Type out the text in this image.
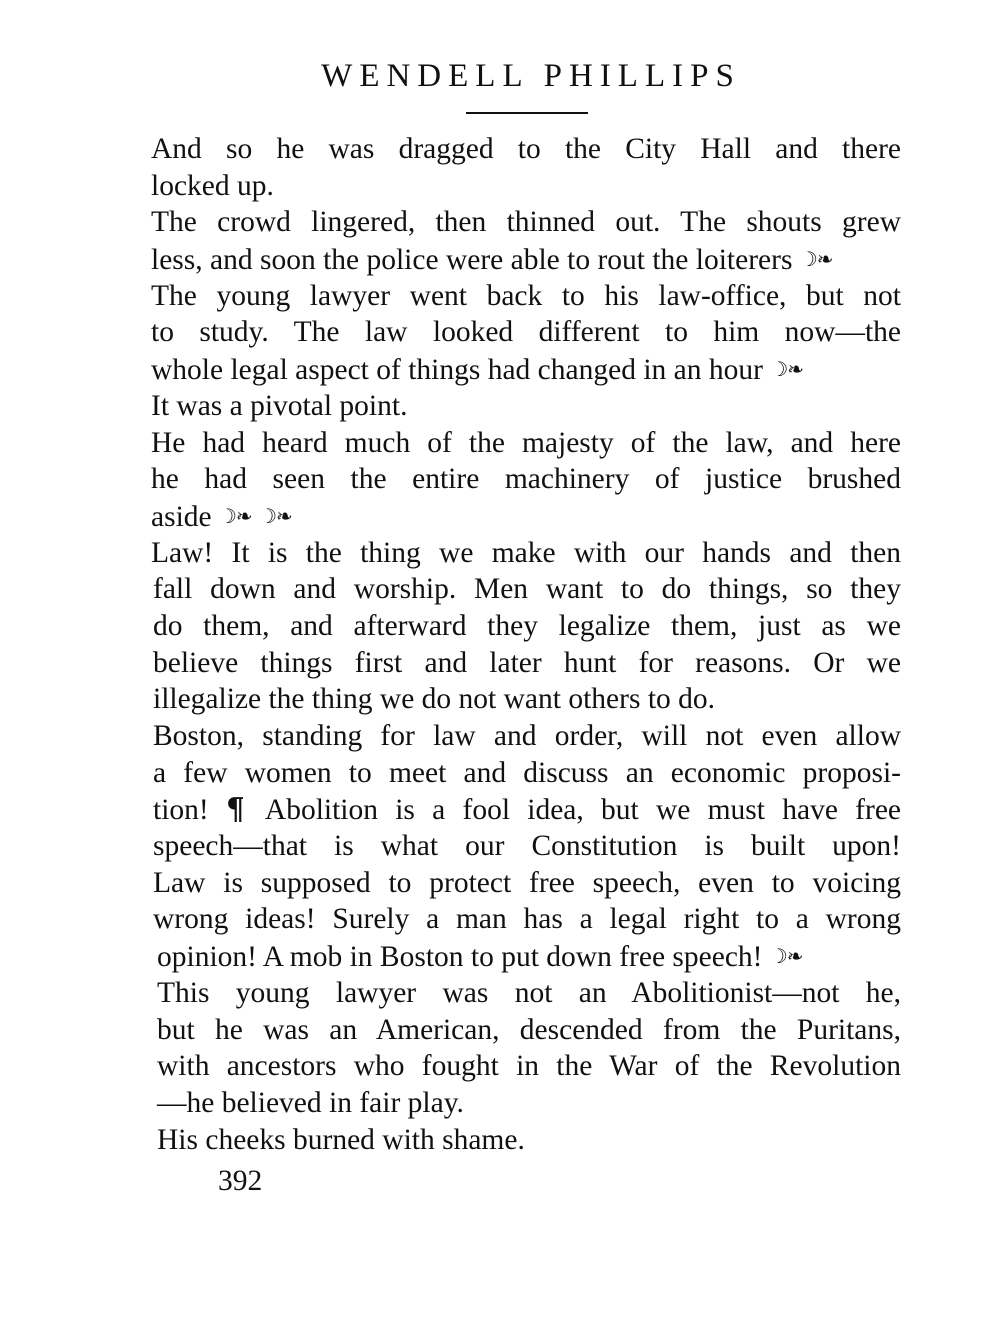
WENDELL PHILLIPS
And so he was dragged to the City Hall and there
locked up.
The crowd lingered, then thinned out. The shouts grew
less, and soon the police were able to rout the loiterers ☽❧
The young lawyer went back to his law-office, but not
to study. The law looked different to him now—the
whole legal aspect of things had changed in an hour ☽❧
It was a pivotal point.
He had heard much of the majesty of the law, and here
he had seen the entire machinery of justice brushed
aside ☽❧ ☽❧
Law! It is the thing we make with our hands and then
fall down and worship. Men want to do things, so they
do them, and afterward they legalize them, just as we
believe things first and later hunt for reasons. Or we
illegalize the thing we do not want others to do.
Boston, standing for law and order, will not even allow
a few women to meet and discuss an economic proposi-
tion! ¶ Abolition is a fool idea, but we must have free
speech—that is what our Constitution is built upon!
Law is supposed to protect free speech, even to voicing
wrong ideas! Surely a man has a legal right to a wrong
opinion! A mob in Boston to put down free speech! ☽❧
This young lawyer was not an Abolitionist—not he,
but he was an American, descended from the Puritans,
with ancestors who fought in the War of the Revolution
—he believed in fair play.
His cheeks burned with shame.
392
